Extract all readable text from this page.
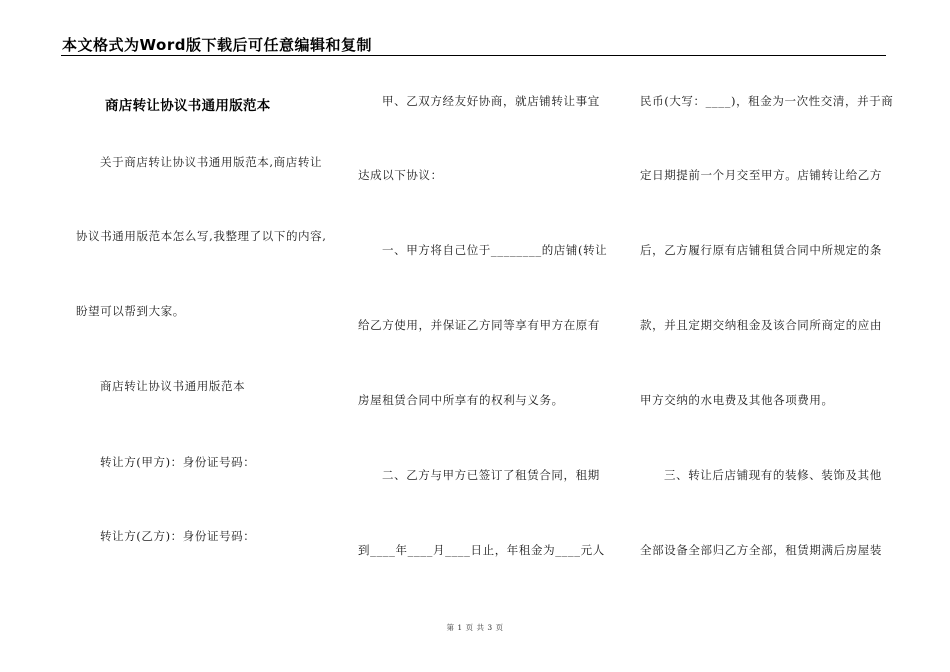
本文格式为Word版下载后可任意编辑和复制
商店转让协议书通用版范本
关于商店转让协议书通用版范本,商店转让
协议书通用版范本怎么写,我整理了以下的内容,
盼望可以帮到大家。
商店转让协议书通用版范本
转让方(甲方)：身份证号码：
转让方(乙方)：身份证号码：
甲、乙双方经友好协商，就店铺转让事宜
达成以下协议：
一、甲方将自己位于________的店铺(转让
给乙方使用，并保证乙方同等享有甲方在原有
房屋租赁合同中所享有的权利与义务。
二、乙方与甲方已签订了租赁合同，租期
到____年____月____日止，年租金为____元人
民币(大写：____)，租金为一次性交清，并于商
定日期提前一个月交至甲方。店铺转让给乙方
后，乙方履行原有店铺租赁合同中所规定的条
款，并且定期交纳租金及该合同所商定的应由
甲方交纳的水电费及其他各项费用。
三、转让后店铺现有的装修、装饰及其他
全部设备全部归乙方全部，租赁期满后房屋装
第 1 页 共 3 页
